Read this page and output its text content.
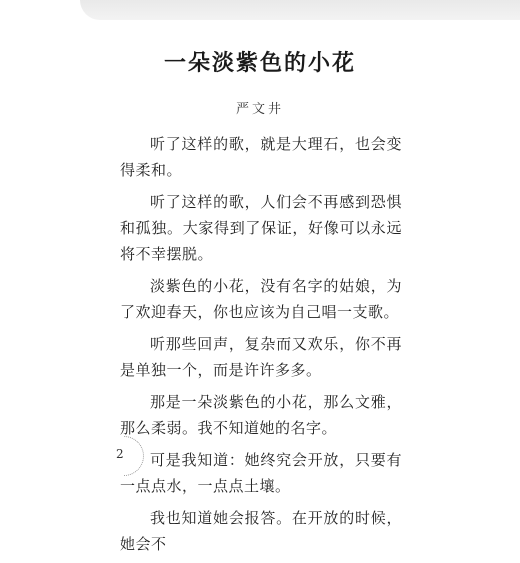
一朵淡紫色的小花

严文井

听了这样的歌，就是大理石，也会变得柔和。

听了这样的歌，人们会不再感到恐惧和孤独。大家得到了保证，好像可以永远将不幸摆脱。

淡紫色的小花，没有名字的姑娘，为了欢迎春天，你也应该为自己唱一支歌。

听那些回声，复杂而又欢乐，你不再是单独一个，而是许许多多。

那是一朵淡紫色的小花，那么文雅，那么柔弱。我不知道她的名字。

可是我知道：她终究会开放，只要有一点点水，一点点土壤。

我也知道她会报答。在开放的时候，她会不

2
